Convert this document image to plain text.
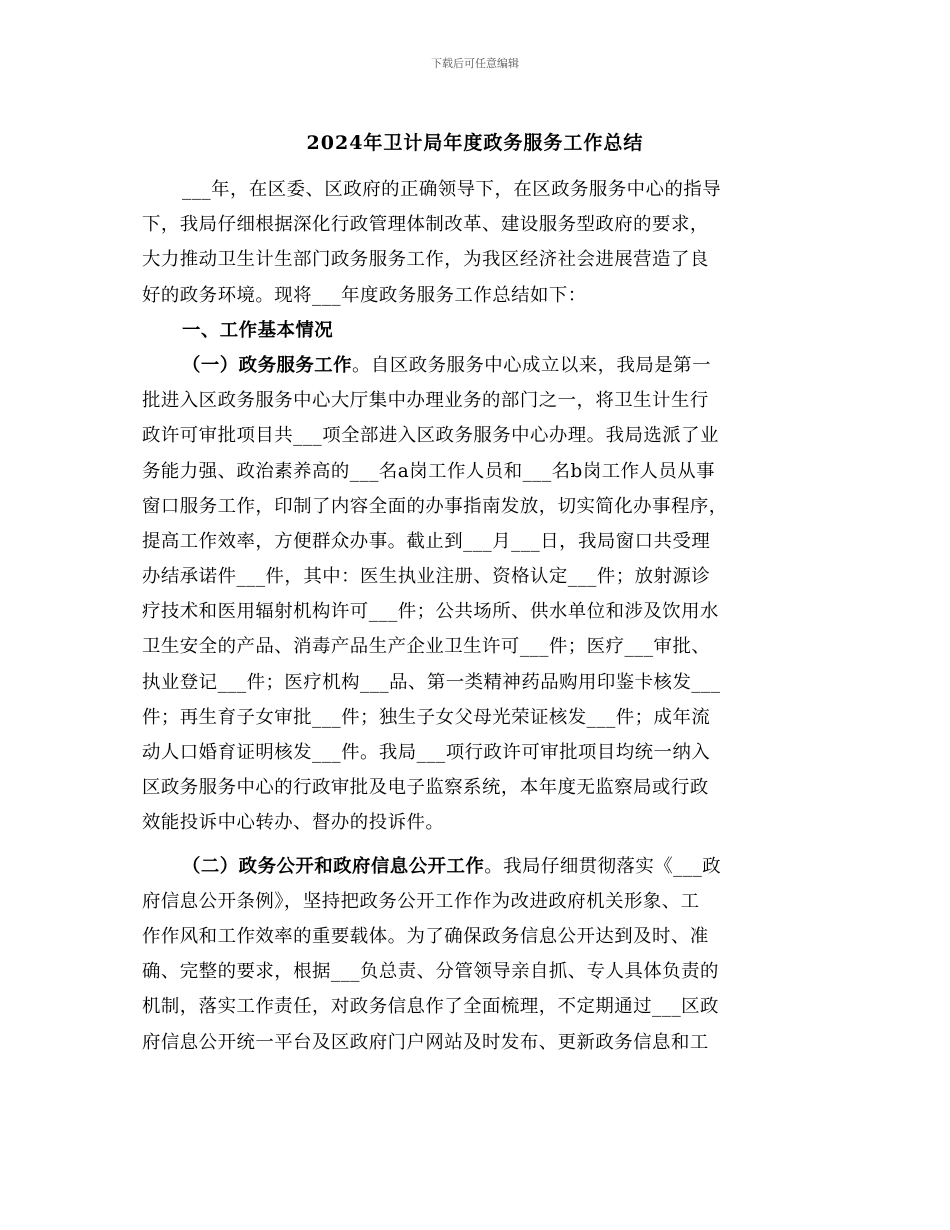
下载后可任意编辑
2024年卫计局年度政务服务工作总结
___年，在区委、区政府的正确领导下，在区政务服务中心的指导
下，我局仔细根据深化行政管理体制改革、建设服务型政府的要求，
大力推动卫生计生部门政务服务工作，为我区经济社会进展营造了良
好的政务环境。现将___年度政务服务工作总结如下：
一、工作基本情况
（一）政务服务工作。自区政务服务中心成立以来，我局是第一
批进入区政务服务中心大厅集中办理业务的部门之一，将卫生计生行
政许可审批项目共___项全部进入区政务服务中心办理。我局选派了业
务能力强、政治素养高的___名a岗工作人员和___名b岗工作人员从事
窗口服务工作，印制了内容全面的办事指南发放，切实简化办事程序，
提高工作效率，方便群众办事。截止到___月___日，我局窗口共受理
办结承诺件___件，其中：医生执业注册、资格认定___件；放射源诊
疗技术和医用辐射机构许可___件；公共场所、供水单位和涉及饮用水
卫生安全的产品、消毒产品生产企业卫生许可___件；医疗___审批、
执业登记___件；医疗机构___品、第一类精神药品购用印鉴卡核发___
件；再生育子女审批___件；独生子女父母光荣证核发___件；成年流
动人口婚育证明核发___件。我局___项行政许可审批项目均统一纳入
区政务服务中心的行政审批及电子监察系统，本年度无监察局或行政
效能投诉中心转办、督办的投诉件。
（二）政务公开和政府信息公开工作。我局仔细贯彻落实《___政
府信息公开条例》，坚持把政务公开工作作为改进政府机关形象、工
作作风和工作效率的重要载体。为了确保政务信息公开达到及时、准
确、完整的要求，根据___负总责、分管领导亲自抓、专人具体负责的
机制，落实工作责任，对政务信息作了全面梳理，不定期通过___区政
府信息公开统一平台及区政府门户网站及时发布、更新政务信息和工
